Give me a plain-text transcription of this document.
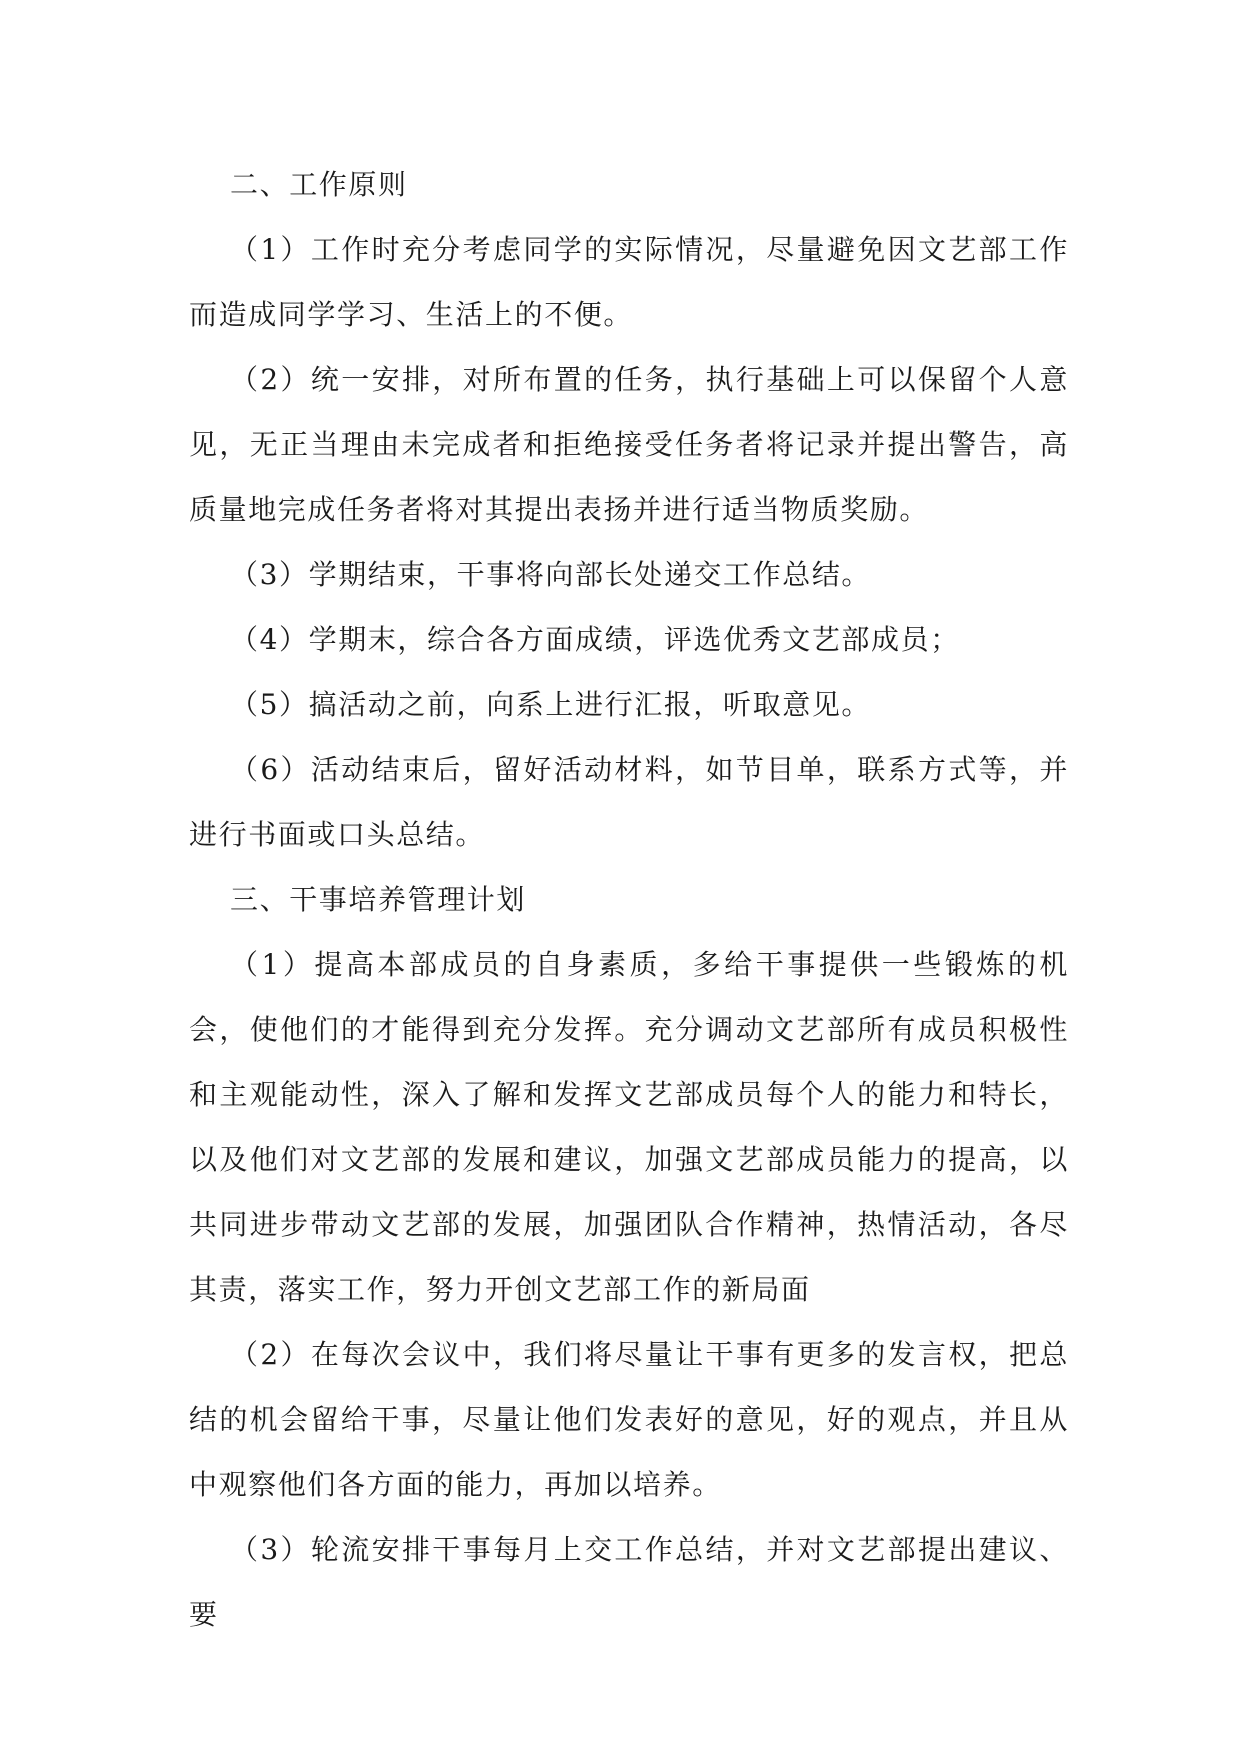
二、工作原则

（1）工作时充分考虑同学的实际情况，尽量避免因文艺部工作而造成同学学习、生活上的不便。

（2）统一安排，对所布置的任务，执行基础上可以保留个人意见，无正当理由未完成者和拒绝接受任务者将记录并提出警告，高质量地完成任务者将对其提出表扬并进行适当物质奖励。

（3）学期结束，干事将向部长处递交工作总结。

（4）学期末，综合各方面成绩，评选优秀文艺部成员；

（5）搞活动之前，向系上进行汇报，听取意见。

（6）活动结束后，留好活动材料，如节目单，联系方式等，并进行书面或口头总结。

三、干事培养管理计划

（1）提高本部成员的自身素质，多给干事提供一些锻炼的机会，使他们的才能得到充分发挥。充分调动文艺部所有成员积极性和主观能动性，深入了解和发挥文艺部成员每个人的能力和特长，以及他们对文艺部的发展和建议，加强文艺部成员能力的提高，以共同进步带动文艺部的发展，加强团队合作精神，热情活动，各尽其责，落实工作，努力开创文艺部工作的新局面

（2）在每次会议中，我们将尽量让干事有更多的发言权，把总结的机会留给干事，尽量让他们发表好的意见，好的观点，并且从中观察他们各方面的能力，再加以培养。

（3）轮流安排干事每月上交工作总结，并对文艺部提出建议、要
